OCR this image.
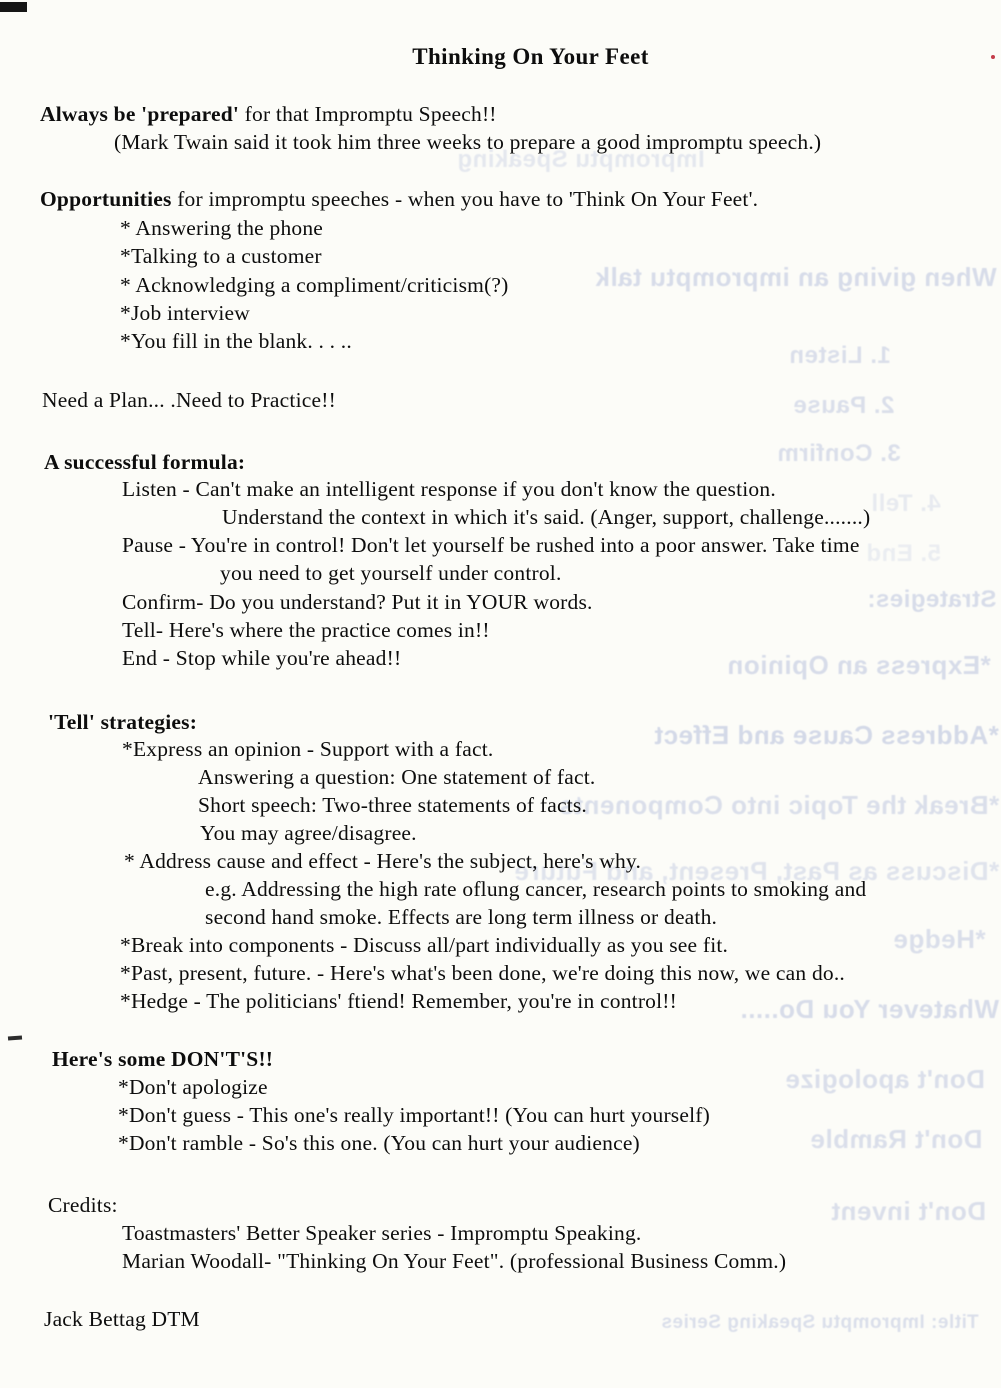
Impromptu Speaking
When giving an impromptu talk
1. Listen
2. Pause
3. Confirm
4. Tell
5. End
Strategies:
*Express an Opinion
*Address Cause and Effect
*Break the Topic into Components
*Discuss as Past, Present, and Future
*Hedge
Whatever You Do.....
Don't apologize
Don't Ramble
Don't invent
Title: Impromptu Speaking Series
Thinking On Your Feet
Always be 'prepared' for that Impromptu Speech!!
(Mark Twain said it took him three weeks to prepare a good impromptu speech.)
Opportunities for impromptu speeches - when you have to 'Think On Your Feet'.
* Answering the phone
*Talking to a customer
* Acknowledging a compliment/criticism(?)
*Job interview
*You fill in the blank. . . ..
Need a Plan... .Need to Practice!!
A successful formula:
Listen - Can't make an intelligent response if you don't know the question.
Understand the context in which it's said. (Anger, support, challenge.......)
Pause - You're in control! Don't let yourself be rushed into a poor answer. Take time
you need to get yourself under control.
Confirm- Do you understand? Put it in YOUR words.
Tell- Here's where the practice comes in!!
End - Stop while you're ahead!!
'Tell' strategies:
*Express an opinion - Support with a fact.
Answering a question: One statement of fact.
Short speech: Two-three statements of facts.
You may agree/disagree.
* Address cause and effect - Here's the subject, here's why.
e.g. Addressing the high rate oflung cancer, research points to smoking and
second hand smoke. Effects are long term illness or death.
*Break into components - Discuss all/part individually as you see fit.
*Past, present, future. - Here's what's been done, we're doing this now, we can do..
*Hedge - The politicians' ftiend! Remember, you're in control!!
Here's some DON'T'S!!
*Don't apologize
*Don't guess - This one's really important!! (You can hurt yourself)
*Don't ramble - So's this one. (You can hurt your audience)
Credits:
Toastmasters' Better Speaker series - Impromptu Speaking.
Marian Woodall- "Thinking On Your Feet". (professional Business Comm.)
Jack Bettag DTM
